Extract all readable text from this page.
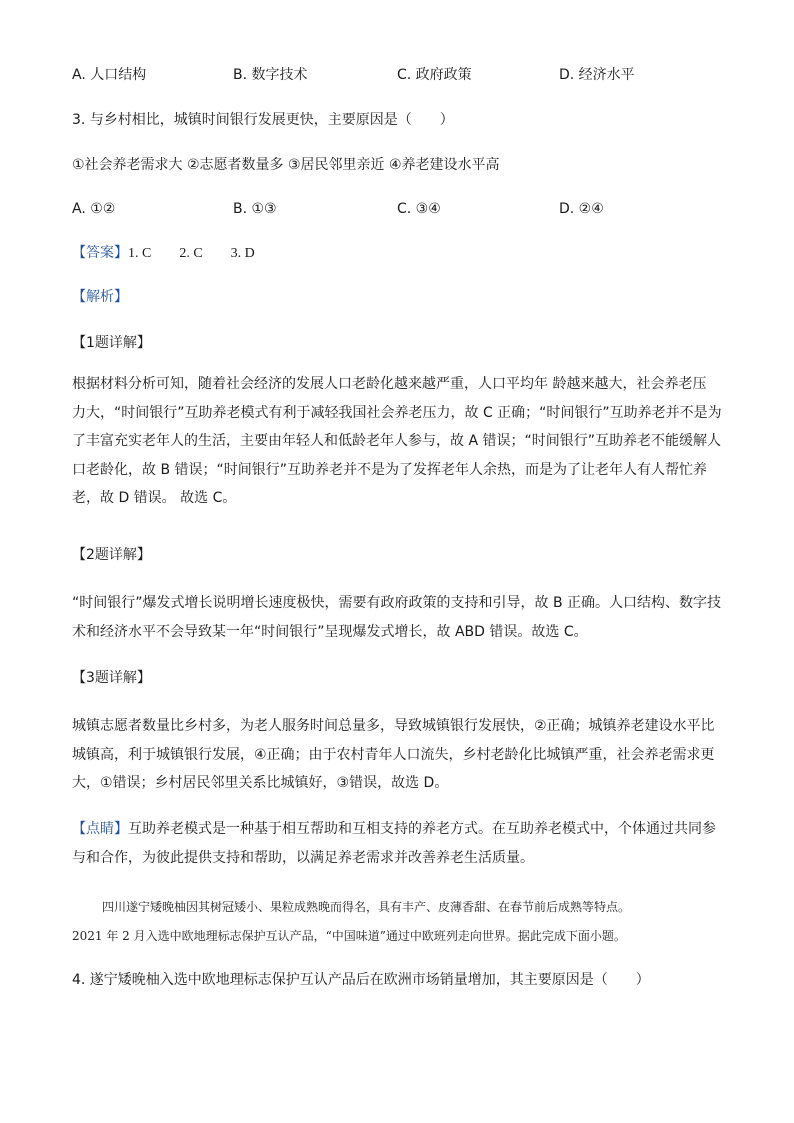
A. 人口结构	B. 数字技术	C. 政府政策	D. 经济水平
3. 与乡村相比，城镇时间银行发展更快，主要原因是（　　）
①社会养老需求大 ②志愿者数量多 ③居民邻里亲近 ④养老建设水平高
A. ①②	B. ①③	C. ③④	D. ②④
【答案】1. C　　2. C　　3. D
【解析】
【1题详解】

根据材料分析可知，随着社会经济的发展人口老龄化越来越严重，人口平均年 龄越来越大，社会养老压

力大，“时间银行”互助养老模式有利于减轻我国社会养老压力，故 C 正确；“时间银行”互助养老并不是为

了丰富充实老年人的生活，主要由年轻人和低龄老年人参与，故 A 错误；“时间银行”互助养老不能缓解人

口老龄化，故 B 错误；“时间银行”互助养老并不是为了发挥老年人余热，而是为了让老年人有人帮忙养

老，故 D 错误。 故选 C。

【2题详解】

“时间银行”爆发式增长说明增长速度极快，需要有政府政策的支持和引导，故 B 正确。人口结构、数字技

术和经济水平不会导致某一年“时间银行”呈现爆发式增长，故 ABD 错误。故选 C。

【3题详解】

城镇志愿者数量比乡村多，为老人服务时间总量多，导致城镇银行发展快，②正确；城镇养老建设水平比

城镇高，利于城镇银行发展，④正确；由于农村青年人口流失，乡村老龄化比城镇严重，社会养老需求更

大，①错误；乡村居民邻里关系比城镇好，③错误，故选 D。

【点睛】互助养老模式是一种基于相互帮助和互相支持的养老方式。在互助养老模式中，个体通过共同参

与和合作，为彼此提供支持和帮助，以满足养老需求并改善养老生活质量。

四川遂宁矮晚柚因其树冠矮小、果粒成熟晚而得名，具有丰产、皮薄香甜、在春节前后成熟等特点。
2021 年 2 月入选中欧地理标志保护互认产品，“中国味道”通过中欧班列走向世界。据此完成下面小题。
4. 遂宁矮晚柚入选中欧地理标志保护互认产品后在欧洲市场销量增加，其主要原因是（　　）
